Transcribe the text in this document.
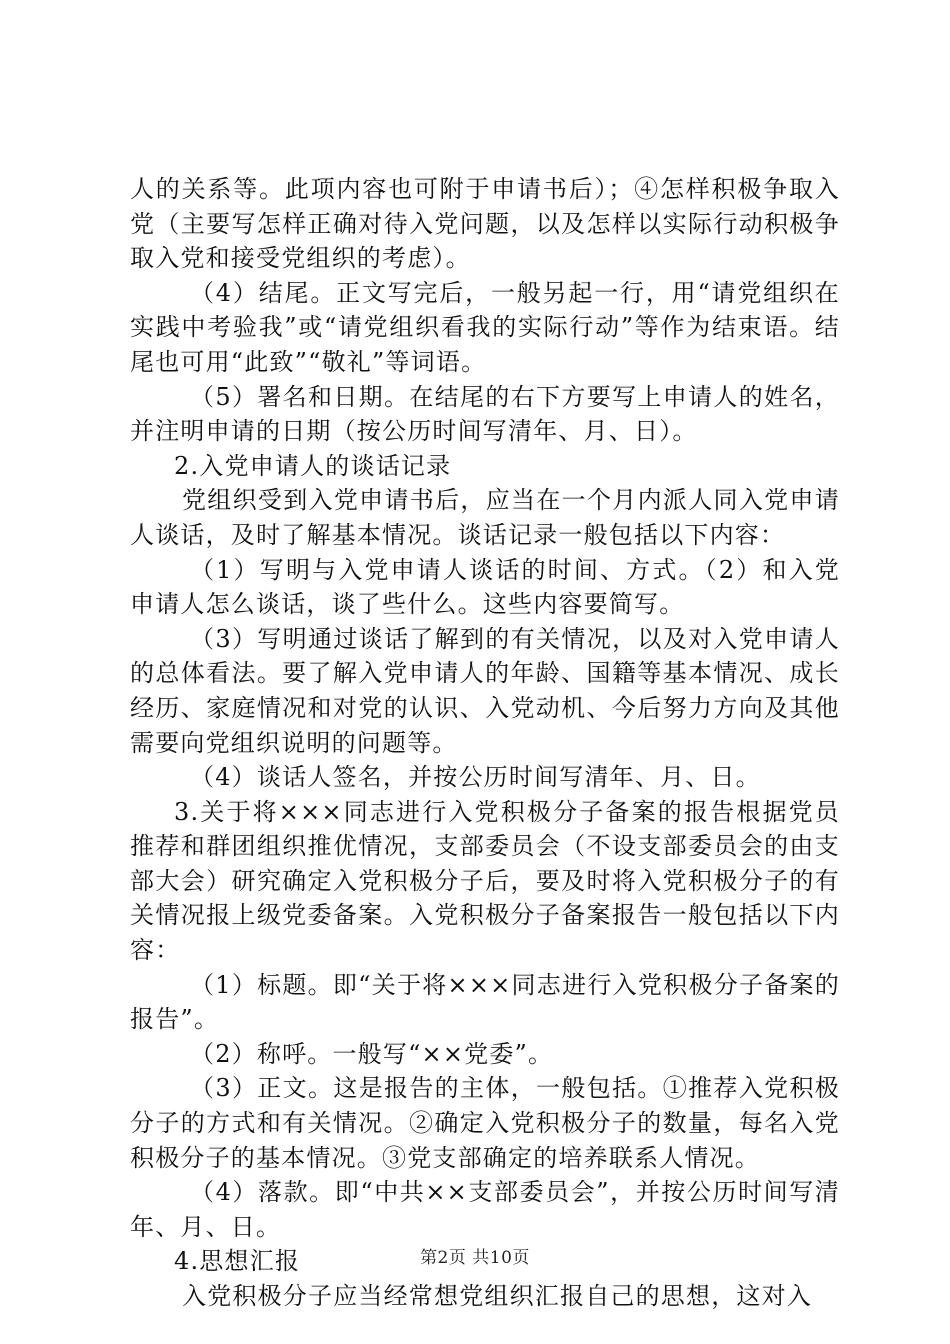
人的关系等。此项内容也可附于申请书后）；④怎样积极争取入党（主要写怎样正确对待入党问题，以及怎样以实际行动积极争取入党和接受党组织的考虑）。

（4）结尾。正文写完后，一般另起一行，用“请党组织在实践中考验我”或“请党组织看我的实际行动”等作为结束语。结尾也可用“此致”“敬礼”等词语。

（5）署名和日期。在结尾的右下方要写上申请人的姓名，并注明申请的日期（按公历时间写清年、月、日）。

2.入党申请人的谈话记录

党组织受到入党申请书后，应当在一个月内派人同入党申请人谈话，及时了解基本情况。谈话记录一般包括以下内容：

（1）写明与入党申请人谈话的时间、方式。（2）和入党申请人怎么谈话，谈了些什么。这些内容要简写。

（3）写明通过谈话了解到的有关情况，以及对入党申请人的总体看法。要了解入党申请人的年龄、国籍等基本情况、成长经历、家庭情况和对党的认识、入党动机、今后努力方向及其他需要向党组织说明的问题等。

（4）谈话人签名，并按公历时间写清年、月、日。

3.关于将×××同志进行入党积极分子备案的报告根据党员推荐和群团组织推优情况，支部委员会（不设支部委员会的由支部大会）研究确定入党积极分子后，要及时将入党积极分子的有关情况报上级党委备案。入党积极分子备案报告一般包括以下内容：

（1）标题。即“关于将×××同志进行入党积极分子备案的报告”。

（2）称呼。一般写“××党委”。

（3）正文。这是报告的主体，一般包括。①推荐入党积极分子的方式和有关情况。②确定入党积极分子的数量，每名入党积极分子的基本情况。③党支部确定的培养联系人情况。

（4）落款。即“中共××支部委员会”，并按公历时间写清年、月、日。

4.思想汇报

入党积极分子应当经常想党组织汇报自己的思想，这对入

第2页 共10页
